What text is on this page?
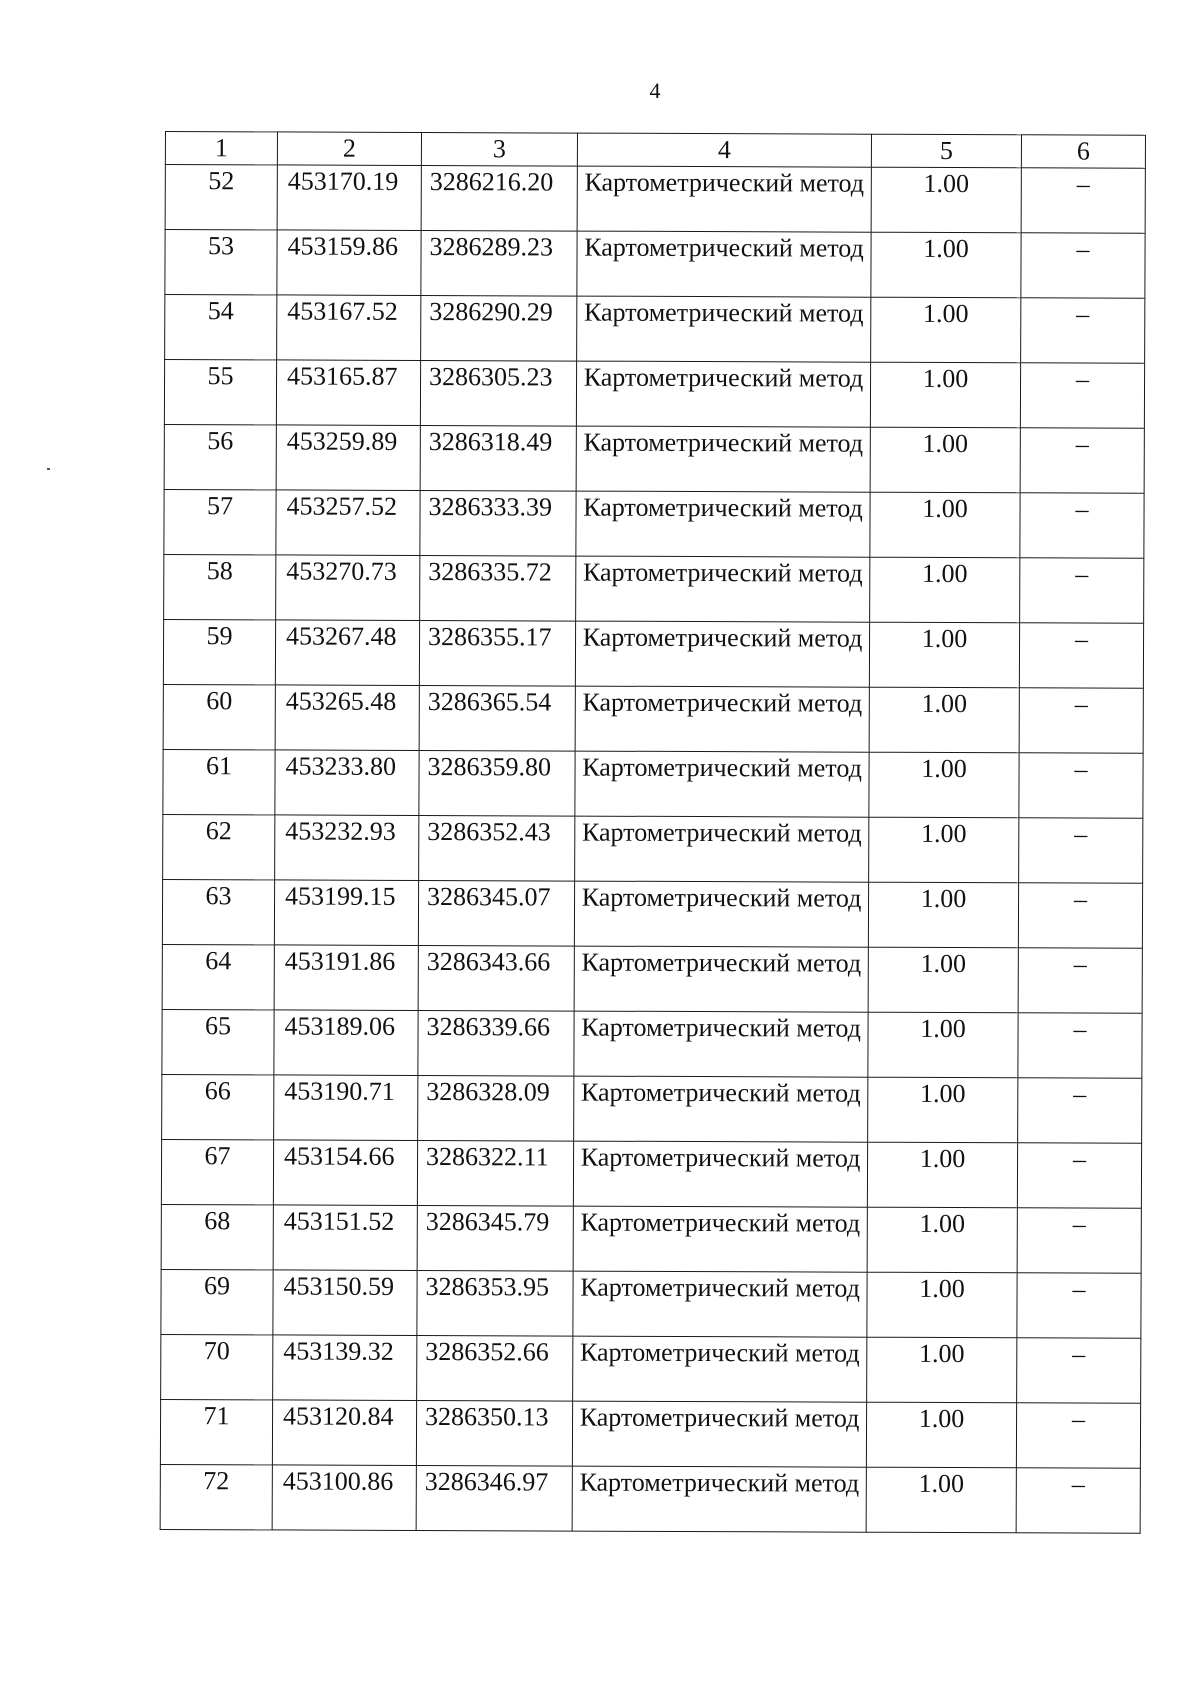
4
1	2	3	4	5	6
52	453170.19	3286216.20	Картометрический метод	1.00	–
53	453159.86	3286289.23	Картометрический метод	1.00	–
54	453167.52	3286290.29	Картометрический метод	1.00	–
55	453165.87	3286305.23	Картометрический метод	1.00	–
56	453259.89	3286318.49	Картометрический метод	1.00	–
57	453257.52	3286333.39	Картометрический метод	1.00	–
58	453270.73	3286335.72	Картометрический метод	1.00	–
59	453267.48	3286355.17	Картометрический метод	1.00	–
60	453265.48	3286365.54	Картометрический метод	1.00	–
61	453233.80	3286359.80	Картометрический метод	1.00	–
62	453232.93	3286352.43	Картометрический метод	1.00	–
63	453199.15	3286345.07	Картометрический метод	1.00	–
64	453191.86	3286343.66	Картометрический метод	1.00	–
65	453189.06	3286339.66	Картометрический метод	1.00	–
66	453190.71	3286328.09	Картометрический метод	1.00	–
67	453154.66	3286322.11	Картометрический метод	1.00	–
68	453151.52	3286345.79	Картометрический метод	1.00	–
69	453150.59	3286353.95	Картометрический метод	1.00	–
70	453139.32	3286352.66	Картометрический метод	1.00	–
71	453120.84	3286350.13	Картометрический метод	1.00	–
72	453100.86	3286346.97	Картометрический метод	1.00	–
